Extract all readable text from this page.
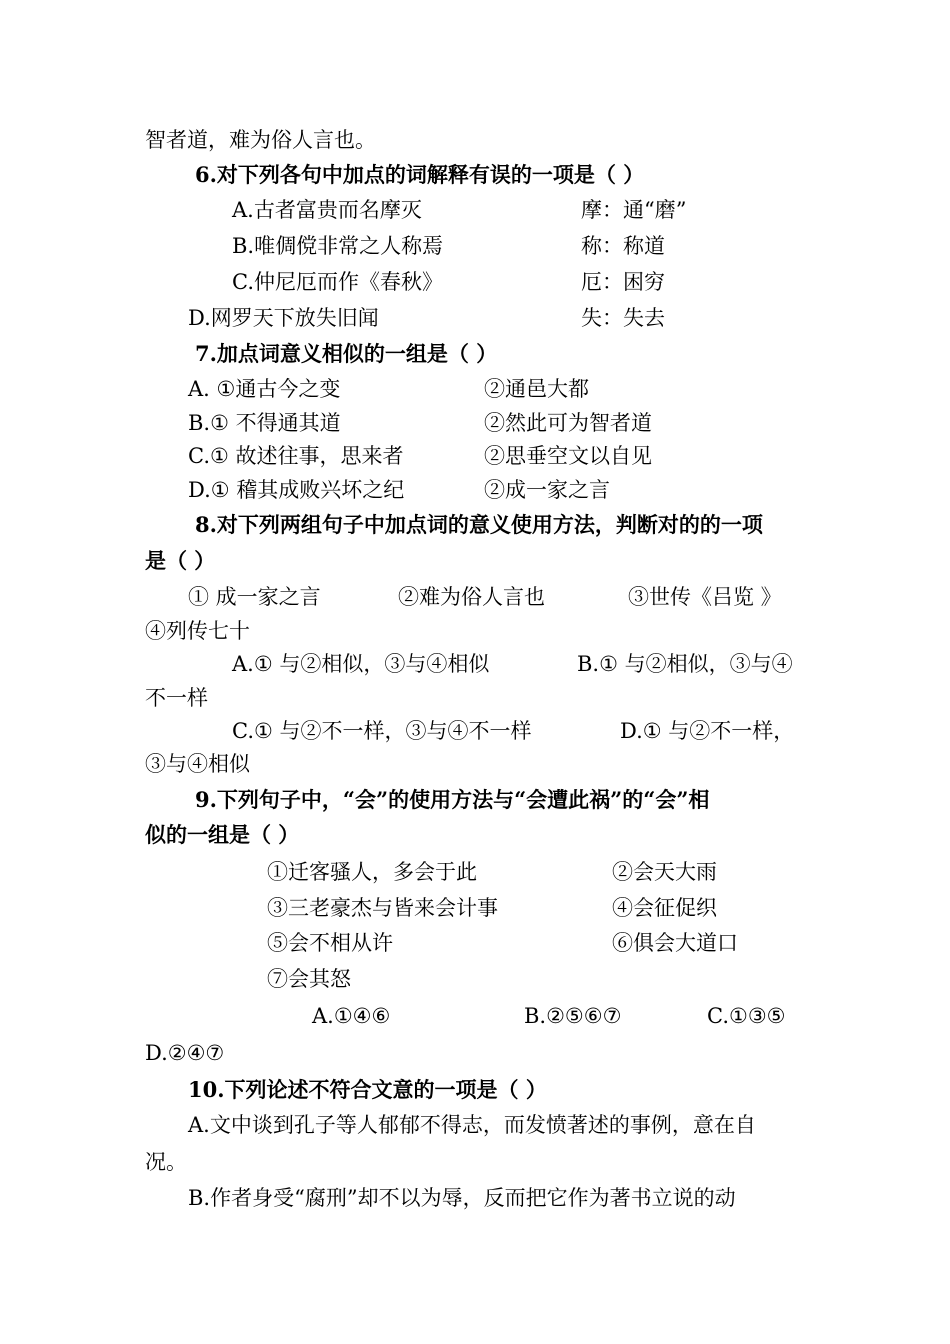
智者道，难为俗人言也。
6.对下列各句中加点的词解释有误的一项是（ ）
A.古者富贵而名摩灭	摩：通“磨”
B.唯倜傥非常之人称焉	称：称道
C.仲尼厄而作《春秋》	厄：困穷
D.网罗天下放失旧闻	失：失去
7.加点词意义相似的一组是（ ）
A. ①通古今之变	②通邑大都
B.① 不得通其道	②然此可为智者道
C.① 故述往事，思来者	②思垂空文以自见
D.① 稽其成败兴坏之纪	②成一家之言
8.对下列两组句子中加点词的意义使用方法，判断对的的一项
是（ ）
① 成一家之言	②难为俗人言也	③世传《吕览 》
④列传七十
A.① 与②相似，③与④相似	B.① 与②相似，③与④
不一样
C.① 与②不一样，③与④不一样	D.① 与②不一样，
③与④相似
9.下列句子中，“会”的使用方法与“会遭此祸”的“会”相
似的一组是（ ）
①迁客骚人，多会于此	②会天大雨
③三老豪杰与皆来会计事	④会征促织
⑤会不相从许	⑥俱会大道口
⑦会其怒
A.①④⑥	B.②⑤⑥⑦	C.①③⑤
D.②④⑦
10.下列论述不符合文意的一项是（ ）
A.文中谈到孔子等人郁郁不得志，而发愤著述的事例，意在自
况。
B.作者身受“腐刑”却不以为辱，反而把它作为著书立说的动
